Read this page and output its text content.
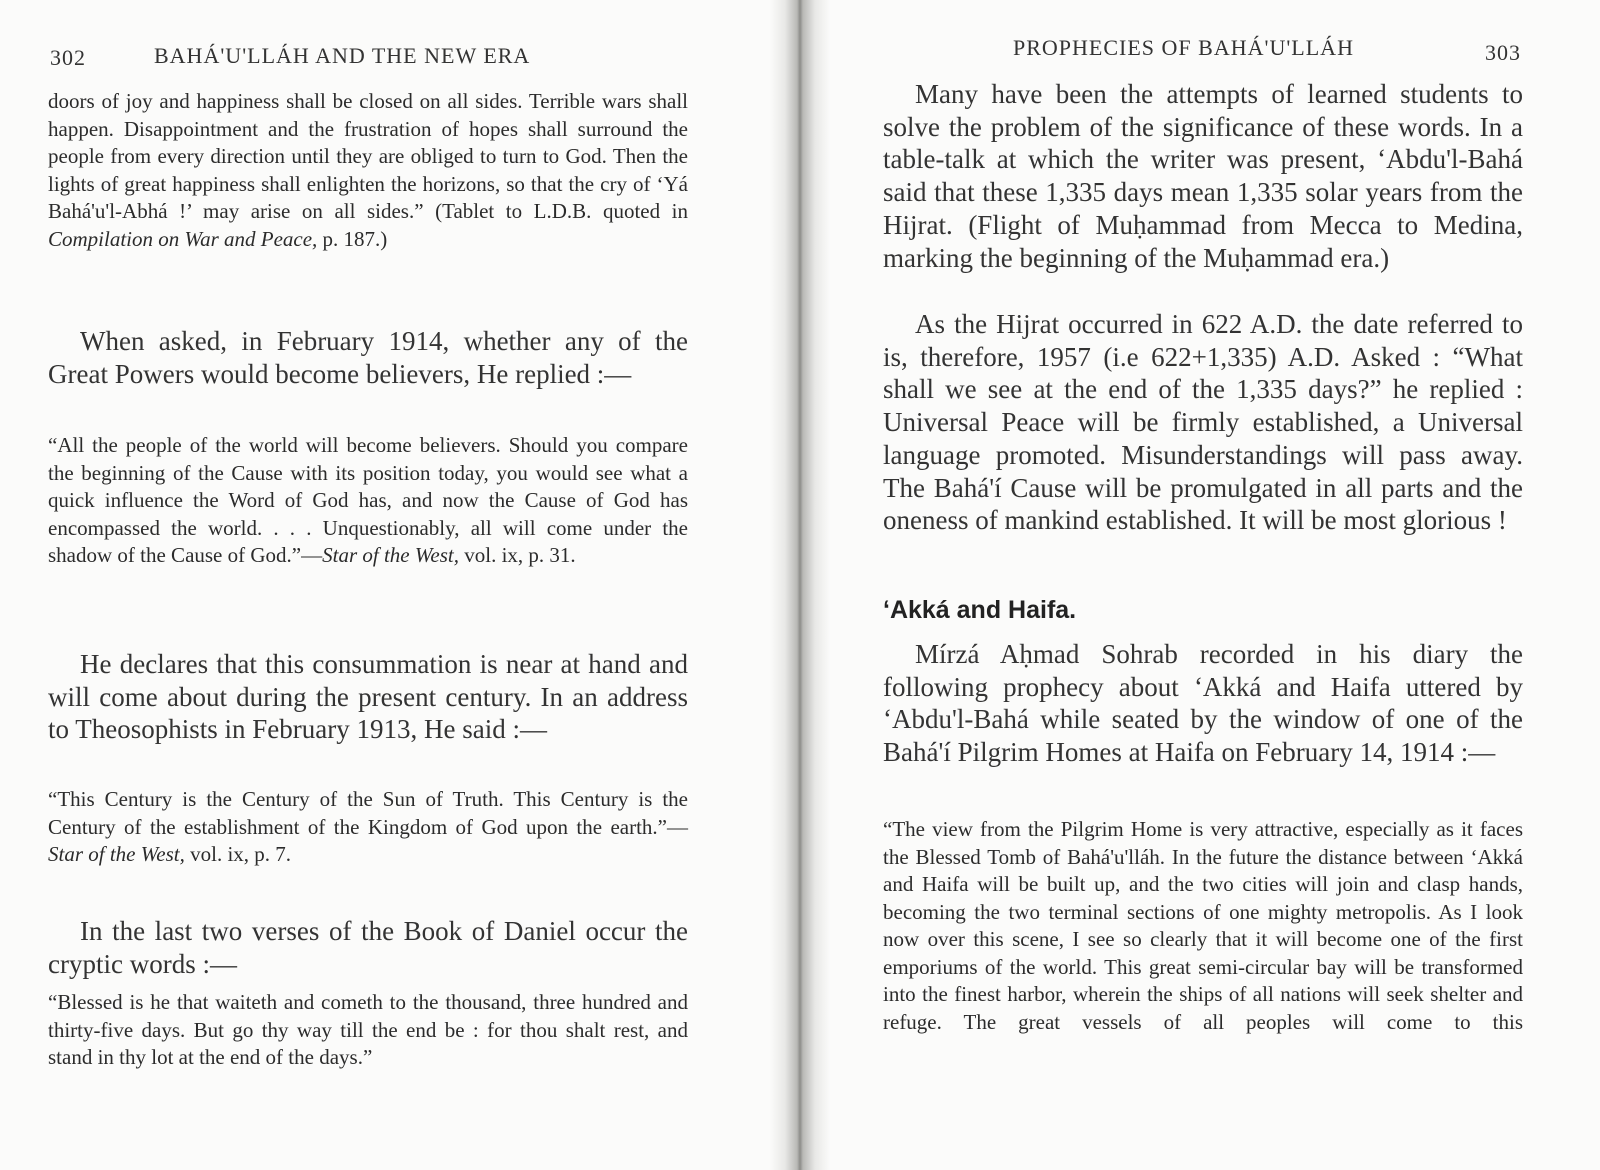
302	BAHÁ'U'LLÁH AND THE NEW ERA
doors of joy and happiness shall be closed on all sides. Terrible wars shall happen. Disappointment and the frustration of hopes shall surround the people from every direction until they are obliged to turn to God. Then the lights of great happiness shall enlighten the horizons, so that the cry of ‘Yá Bahá'u'l-Abhá !’ may arise on all sides.” (Tablet to L.D.B. quoted in Compilation on War and Peace, p. 187.)

When asked, in February 1914, whether any of the Great Powers would become believers, He replied :—

“All the people of the world will become believers. Should you compare the beginning of the Cause with its position today, you would see what a quick influence the Word of God has, and now the Cause of God has encompassed the world. . . . Unquestionably, all will come under the shadow of the Cause of God.”—Star of the West, vol. ix, p. 31.

He declares that this consummation is near at hand and will come about during the present century. In an address to Theosophists in February 1913, He said :—

“This Century is the Century of the Sun of Truth. This Century is the Century of the establishment of the Kingdom of God upon the earth.”—Star of the West, vol. ix, p. 7.

In the last two verses of the Book of Daniel occur the cryptic words :—

“Blessed is he that waiteth and cometh to the thousand, three hundred and thirty-five days. But go thy way till the end be : for thou shalt rest, and stand in thy lot at the end of the days.”
PROPHECIES OF BAHÁ'U'LLÁH	303

Many have been the attempts of learned students to solve the problem of the significance of these words. In a table-talk at which the writer was present, ‘Abdu'l-Bahá said that these 1,335 days mean 1,335 solar years from the Hijrat. (Flight of Muḥammad from Mecca to Medina, marking the beginning of the Muḥammad era.)

As the Hijrat occurred in 622 A.D. the date referred to is, therefore, 1957 (i.e 622+1,335) A.D. Asked : “What shall we see at the end of the 1,335 days?” he replied : Universal Peace will be firmly established, a Universal language promoted. Misunderstandings will pass away. The Bahá'í Cause will be promulgated in all parts and the oneness of mankind established. It will be most glorious !

‘Akká and Haifa.

Mírzá Aḥmad Sohrab recorded in his diary the following prophecy about ‘Akká and Haifa uttered by ‘Abdu'l-Bahá while seated by the window of one of the Bahá'í Pilgrim Homes at Haifa on February 14, 1914 :—

“The view from the Pilgrim Home is very attractive, especially as it faces the Blessed Tomb of Bahá'u'lláh. In the future the distance between ‘Akká and Haifa will be built up, and the two cities will join and clasp hands, becoming the two terminal sections of one mighty metropolis. As I look now over this scene, I see so clearly that it will become one of the first emporiums of the world. This great semi-circular bay will be transformed into the finest harbor, wherein the ships of all nations will seek shelter and refuge. The great vessels of all peoples will come to this
